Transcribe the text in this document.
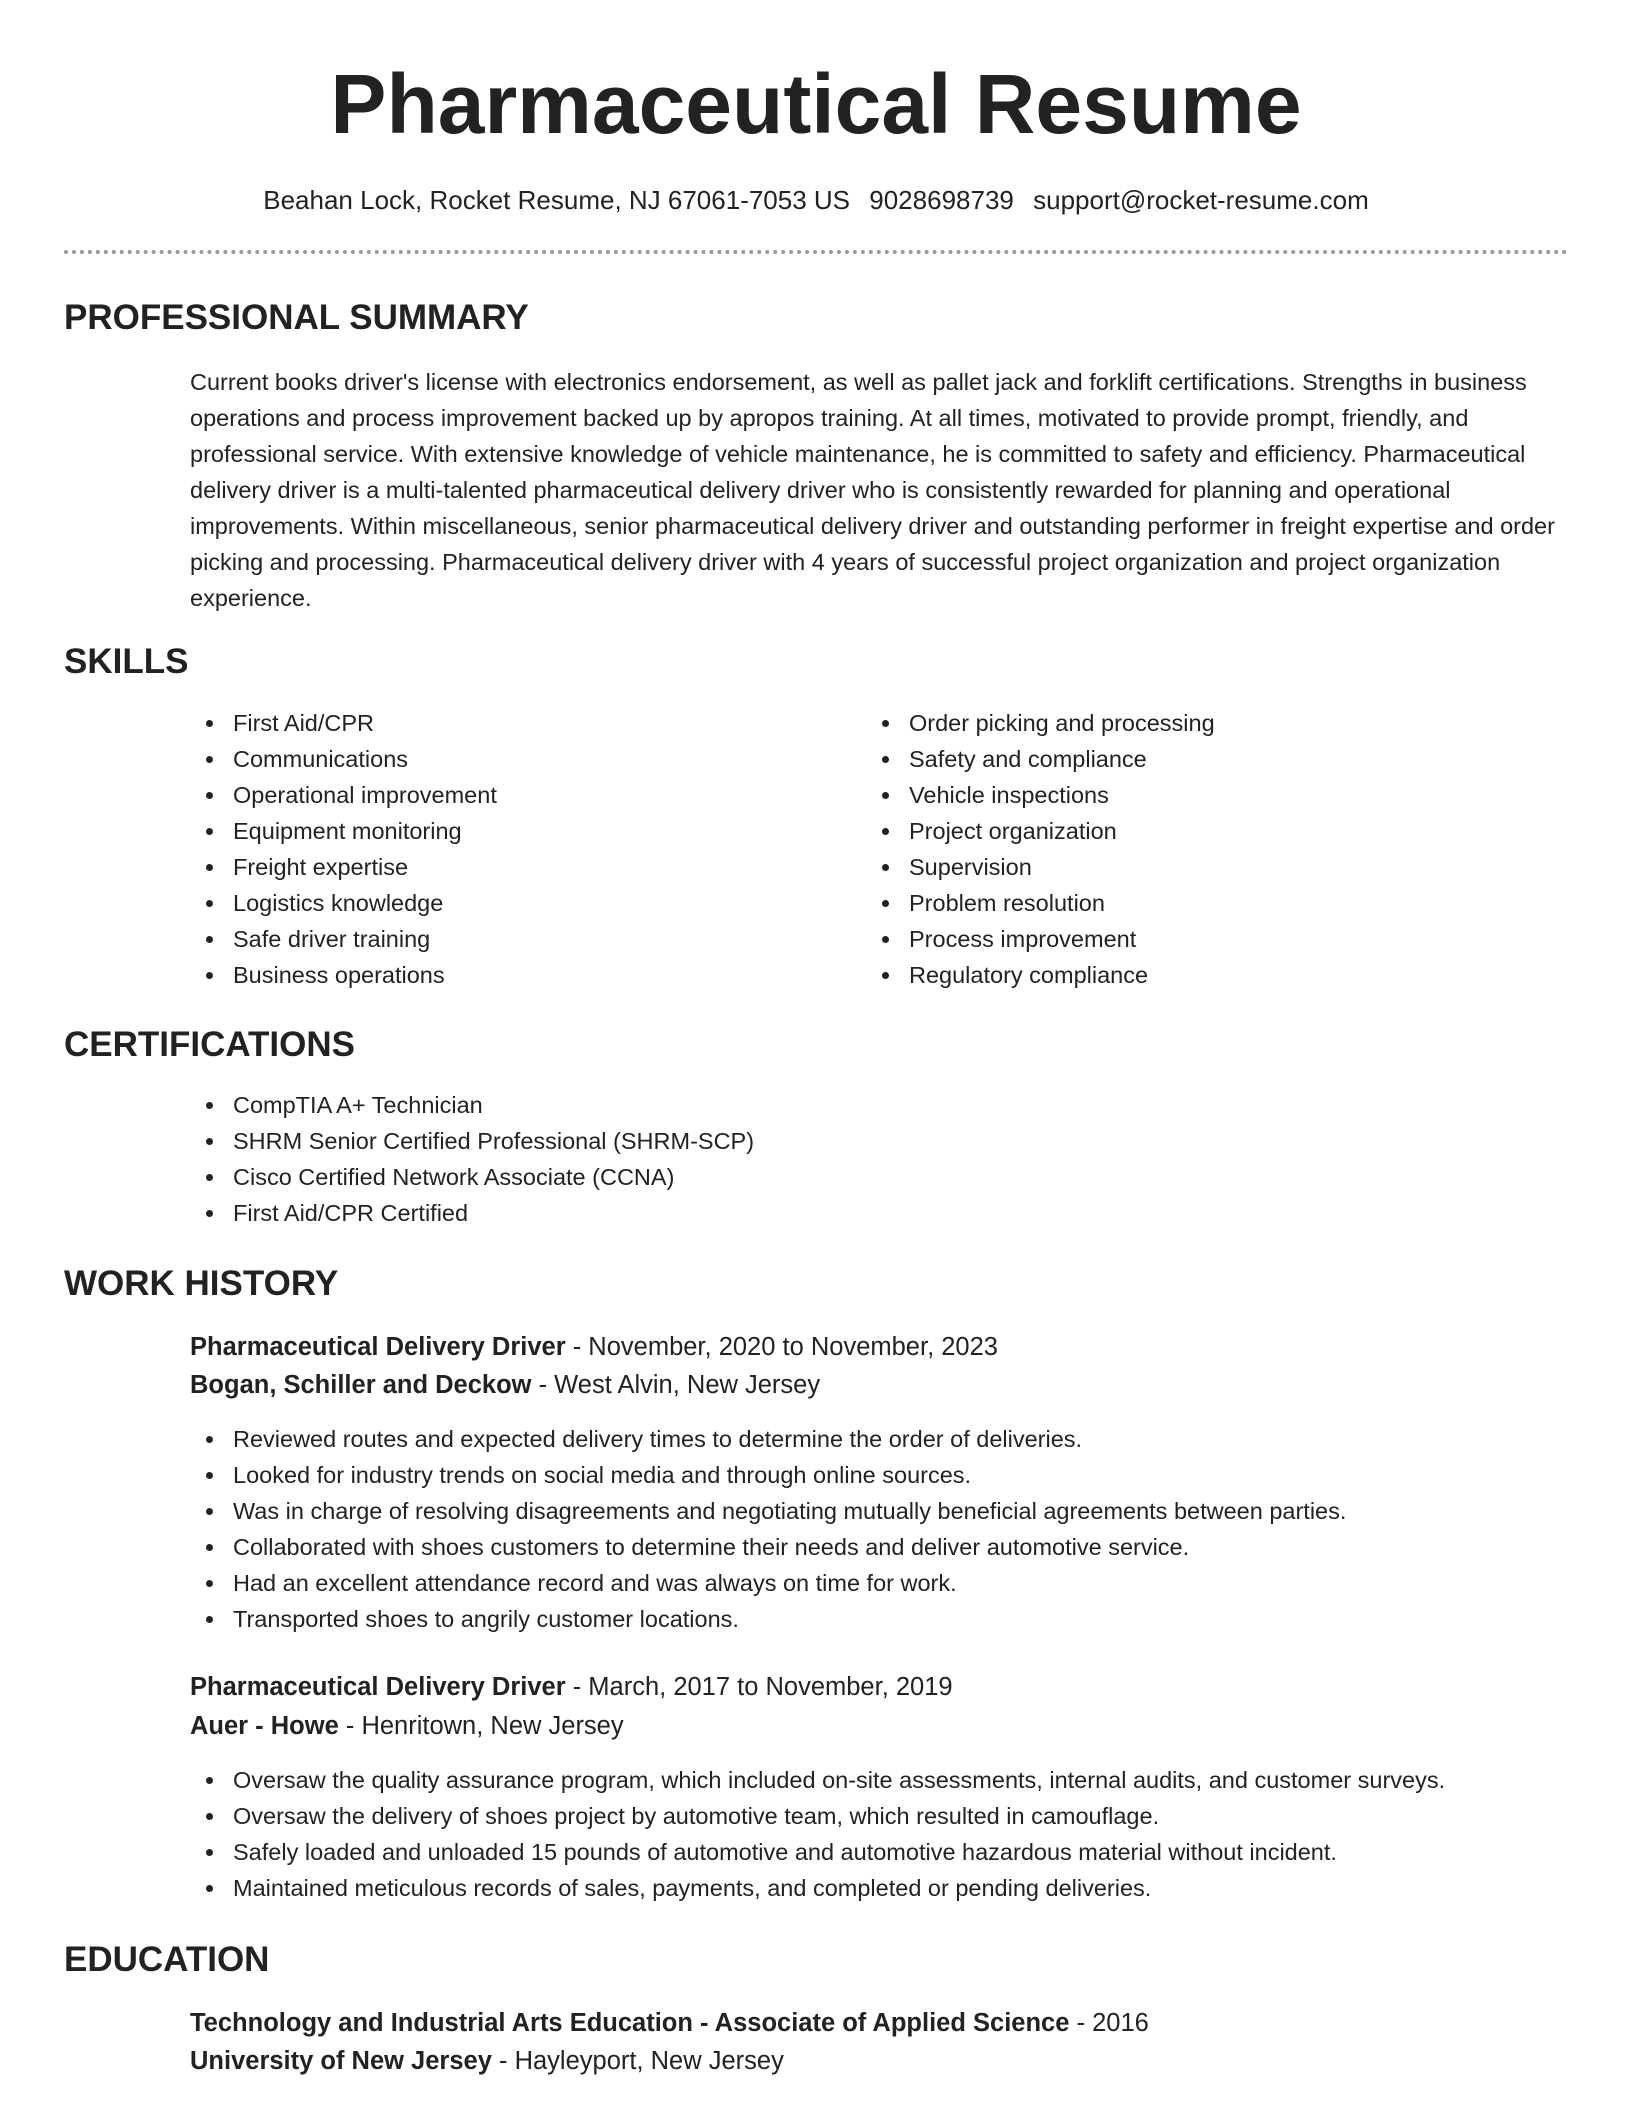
Pharmaceutical Resume
Beahan Lock, Rocket Resume, NJ 67061-7053 US 9028698739 support@rocket-resume.com
PROFESSIONAL SUMMARY

Current books driver's license with electronics endorsement, as well as pallet jack and forklift certifications. Strengths in business operations and process improvement backed up by apropos training. At all times, motivated to provide prompt, friendly, and professional service. With extensive knowledge of vehicle maintenance, he is committed to safety and efficiency. Pharmaceutical delivery driver is a multi-talented pharmaceutical delivery driver who is consistently rewarded for planning and operational improvements. Within miscellaneous, senior pharmaceutical delivery driver and outstanding performer in freight expertise and order picking and processing. Pharmaceutical delivery driver with 4 years of successful project organization and project organization experience.

SKILLS
First Aid/CPR
Communications
Operational improvement
Equipment monitoring
Freight expertise
Logistics knowledge
Safe driver training
Business operations
Order picking and processing
Safety and compliance
Vehicle inspections
Project organization
Supervision
Problem resolution
Process improvement
Regulatory compliance
CERTIFICATIONS
CompTIA A+ Technician
SHRM Senior Certified Professional (SHRM-SCP)
Cisco Certified Network Associate (CCNA)
First Aid/CPR Certified
WORK HISTORY
Pharmaceutical Delivery Driver - November, 2020 to November, 2023
Bogan, Schiller and Deckow - West Alvin, New Jersey
Reviewed routes and expected delivery times to determine the order of deliveries.
Looked for industry trends on social media and through online sources.
Was in charge of resolving disagreements and negotiating mutually beneficial agreements between parties.
Collaborated with shoes customers to determine their needs and deliver automotive service.
Had an excellent attendance record and was always on time for work.
Transported shoes to angrily customer locations.
Pharmaceutical Delivery Driver - March, 2017 to November, 2019
Auer - Howe - Henritown, New Jersey
Oversaw the quality assurance program, which included on-site assessments, internal audits, and customer surveys.
Oversaw the delivery of shoes project by automotive team, which resulted in camouflage.
Safely loaded and unloaded 15 pounds of automotive and automotive hazardous material without incident.
Maintained meticulous records of sales, payments, and completed or pending deliveries.
EDUCATION
Technology and Industrial Arts Education - Associate of Applied Science - 2016
University of New Jersey - Hayleyport, New Jersey
